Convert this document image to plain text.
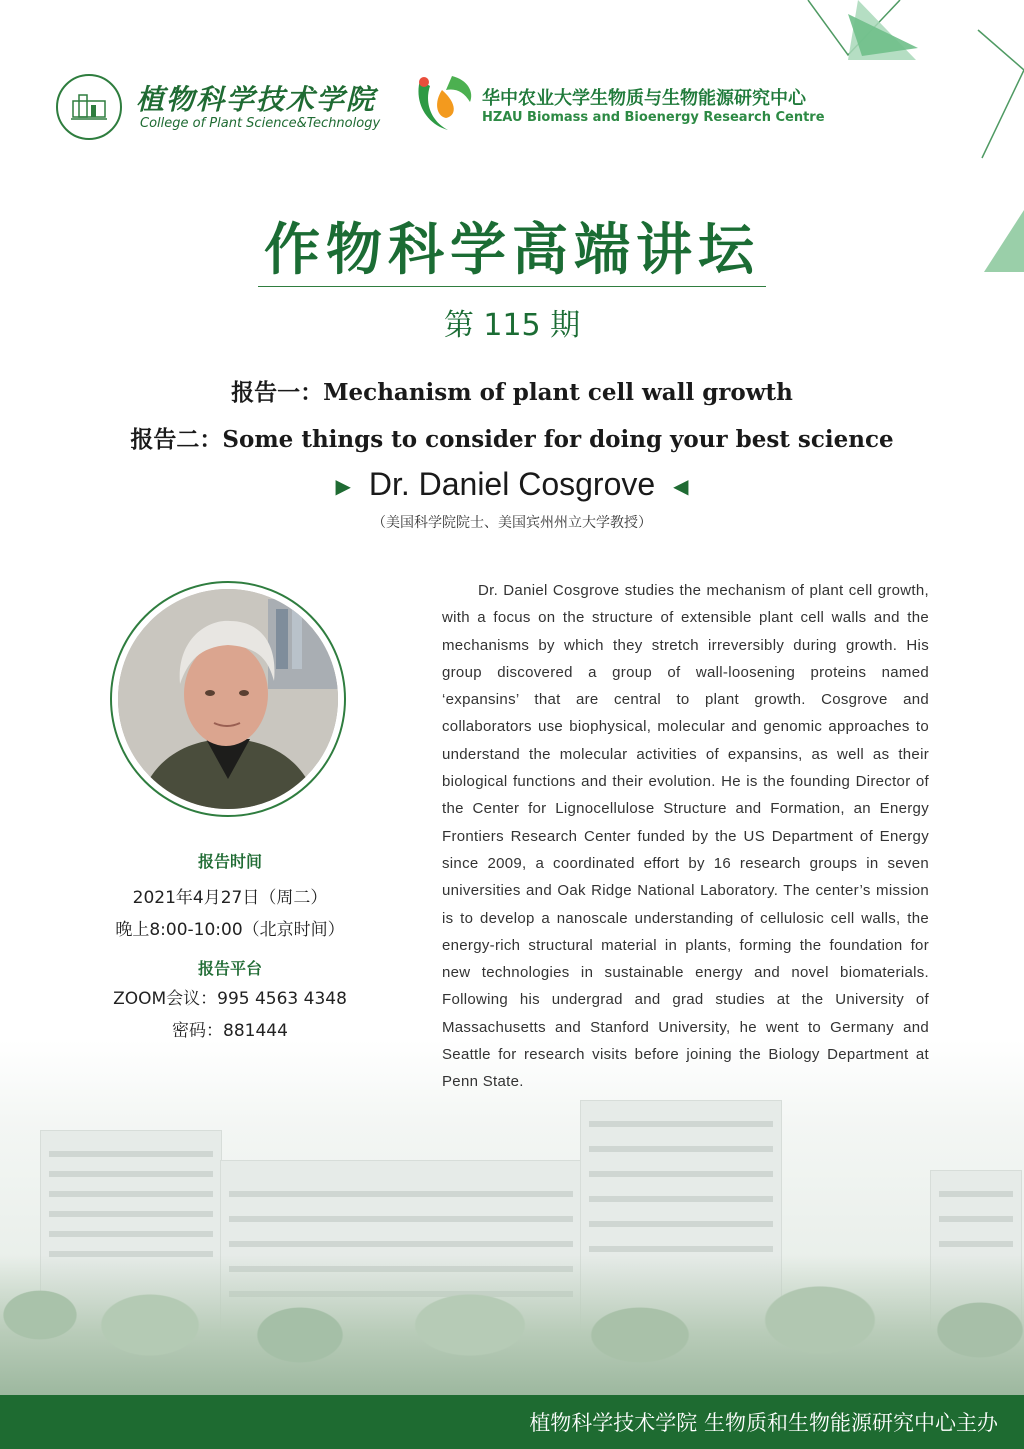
植物科学技术学院
College of Plant Science&Technology
华中农业大学生物质与生物能源研究中心
HZAU Biomass and Bioenergy Research Centre
作物科学高端讲坛
第 115 期
报告一：Mechanism of plant cell wall growth
报告二：Some things to consider for doing your best science
▶ Dr. Daniel Cosgrove ◀
（美国科学院院士、美国宾州州立大学教授）
报告时间
2021年4月27日（周二）
晚上8:00-10:00（北京时间）
报告平台
ZOOM会议：995 4563 4348
密码：881444
Dr. Daniel Cosgrove studies the mechanism of plant cell growth, with a focus on the structure of extensible plant cell walls and the mechanisms by which they stretch irreversibly during growth. His group discovered a group of wall-loosening proteins named ‘expansins’ that are central to plant growth. Cosgrove and collaborators use biophysical, molecular and genomic approaches to understand the molecular activities of expansins, as well as their biological functions and their evolution. He is the founding Director of the Center for Lignocellulose Structure and Formation, an Energy Frontiers Research Center funded by the US Department of Energy since 2009, a coordinated effort by 16 research groups in seven universities and Oak Ridge National Laboratory. The center’s mission is to develop a nanoscale understanding of cellulosic cell walls, the energy-rich structural material in plants, forming the foundation for new technologies in sustainable energy and novel biomaterials. Following his undergrad and grad studies at the University of Massachusetts and Stanford University, he went to Germany and Seattle for research visits before joining the Biology Department at Penn State.
植物科学技术学院 生物质和生物能源研究中心主办
